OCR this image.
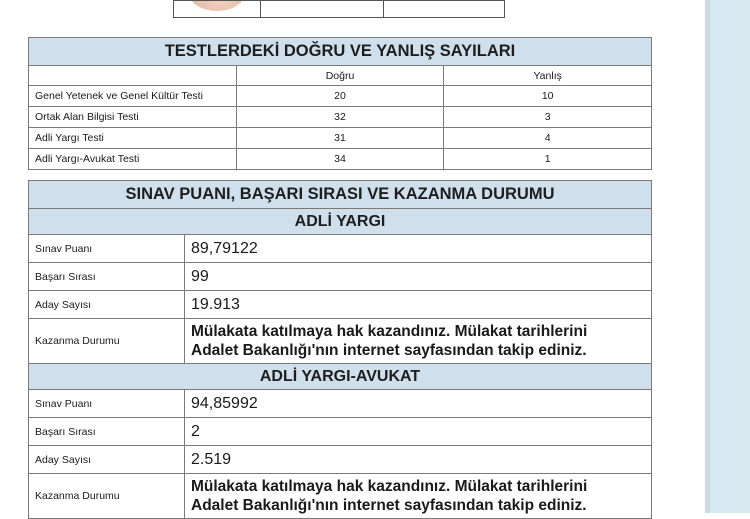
TESTLERDEKİ DOĞRU VE YANLIŞ SAYILARI		
	Doğru	Yanlış
Genel Yetenek ve Genel Kültür Testi	20	10
Ortak Alan Bilgisi Testi	32	3
Adli Yargı Testi	31	4
Adli Yargı-Avukat Testi	34	1
SINAV PUANI, BAŞARI SIRASI VE KAZANMA DURUMU	
ADLİ YARGI	
Sınav Puanı	89,79122
Başarı Sırası	99
Aday Sayısı	19.913
Kazanma Durumu	Mülakata katılmaya hak kazandınız. Mülakat tarihlerini
Adalet Bakanlığı'nın internet sayfasından takip ediniz.

ADLİ YARGI-AVUKAT	
Sınav Puanı	94,85992
Başarı Sırası	2
Aday Sayısı	2.519
Kazanma Durumu	Mülakata katılmaya hak kazandınız. Mülakat tarihlerini
Adalet Bakanlığı'nın internet sayfasından takip ediniz.
